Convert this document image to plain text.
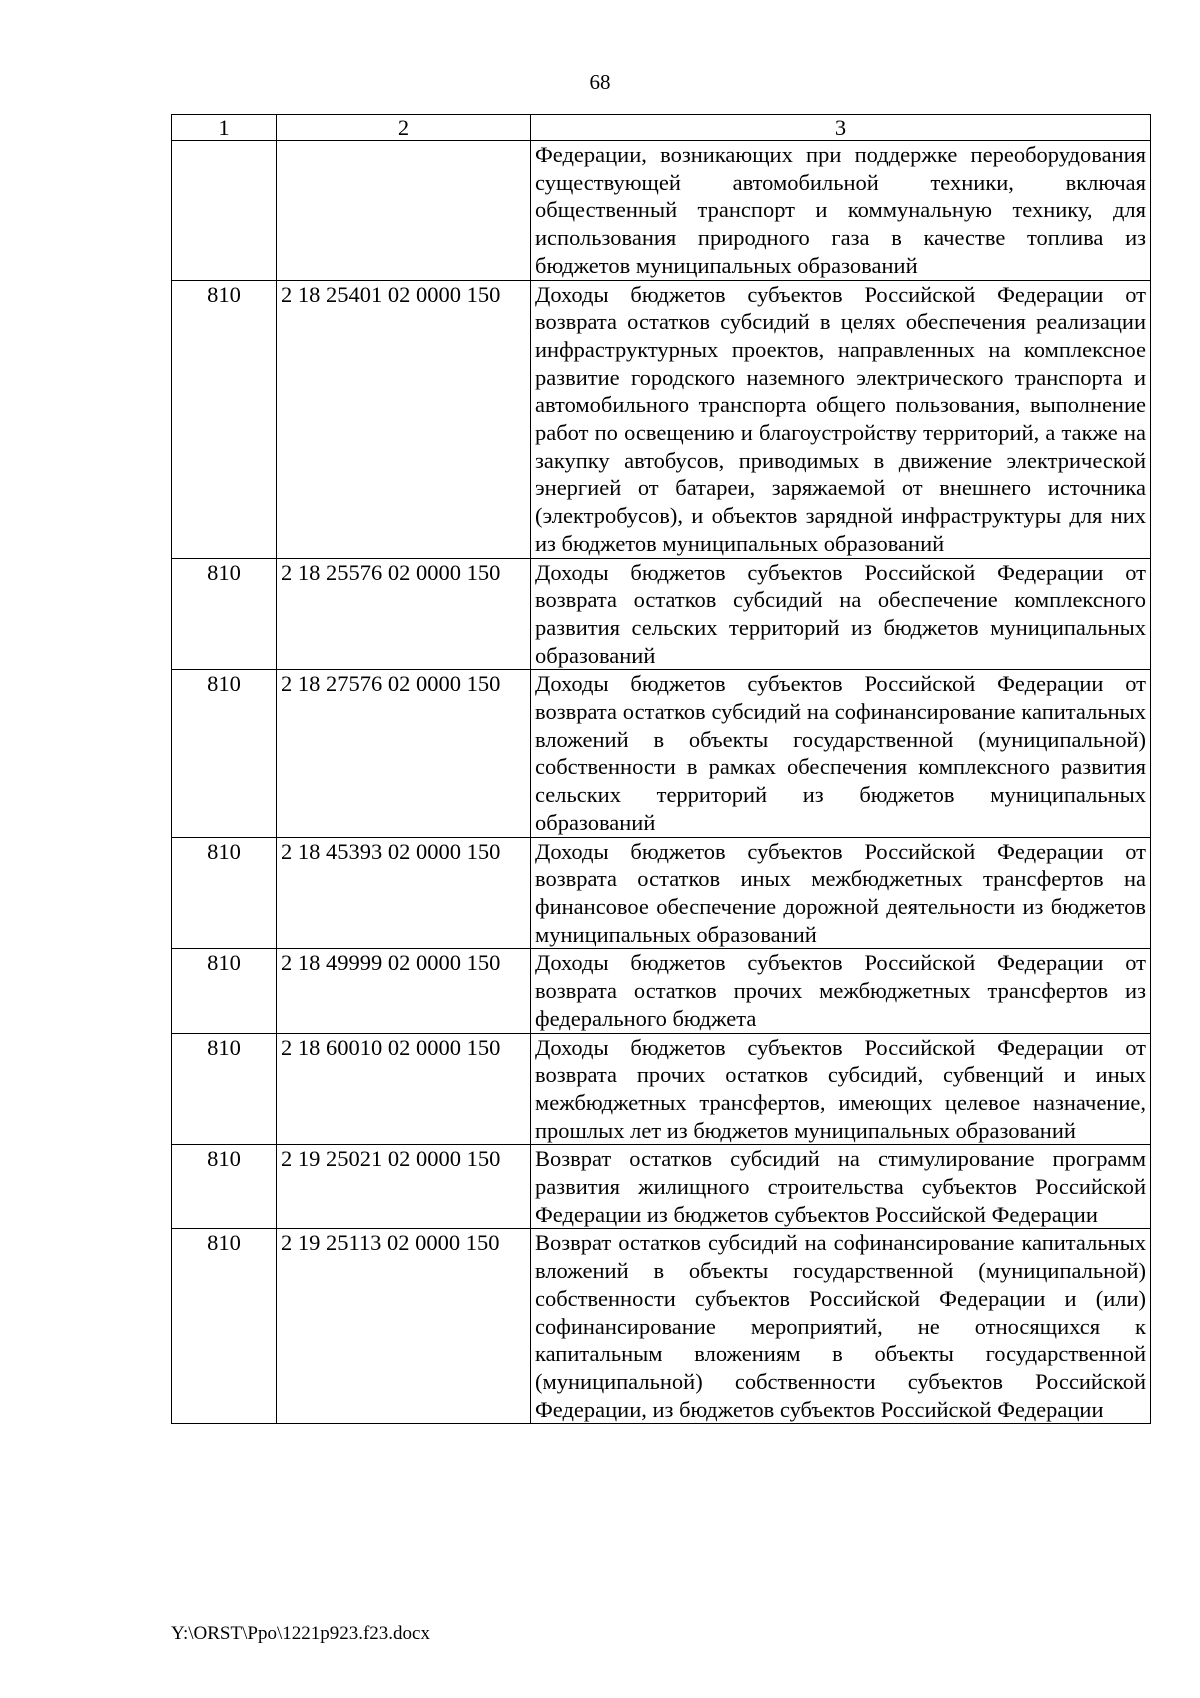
68
1	2	3
		Федерации, возникающих при поддержке переоборудования существующей автомобильной техники, включая общественный транспорт и коммунальную технику, для использования природного газа в качестве топлива из бюджетов муниципальных образований
810	2 18 25401 02 0000 150	Доходы бюджетов субъектов Российской Федерации от возврата остатков субсидий в целях обеспечения реализации инфраструктурных проектов, направленных на комплексное развитие городского наземного электрического транспорта и автомобильного транспорта общего пользования, выполнение работ по освещению и благоустройству территорий, а также на закупку автобусов, приводимых в движение электрической энергией от батареи, заряжаемой от внешнего источника (электробусов), и объектов зарядной инфраструктуры для них из бюджетов муниципальных образований
810	2 18 25576 02 0000 150	Доходы бюджетов субъектов Российской Федерации от возврата остатков субсидий на обеспечение комплексного развития сельских территорий из бюджетов муниципальных образований
810	2 18 27576 02 0000 150	Доходы бюджетов субъектов Российской Федерации от возврата остатков субсидий на софинансирование капитальных вложений в объекты государственной (муниципальной) собственности в рамках обеспечения комплексного развития сельских территорий из бюджетов муниципальных образований
810	2 18 45393 02 0000 150	Доходы бюджетов субъектов Российской Федерации от возврата остатков иных межбюджетных трансфертов на финансовое обеспечение дорожной деятельности из бюджетов муниципальных образований
810	2 18 49999 02 0000 150	Доходы бюджетов субъектов Российской Федерации от возврата остатков прочих межбюджетных трансфертов из федерального бюджета
810	2 18 60010 02 0000 150	Доходы бюджетов субъектов Российской Федерации от возврата прочих остатков субсидий, субвенций и иных межбюджетных трансфертов, имеющих целевое назначение, прошлых лет из бюджетов муниципальных образований
810	2 19 25021 02 0000 150	Возврат остатков субсидий на стимулирование программ развития жилищного строительства субъектов Российской Федерации из бюджетов субъектов Российской Федерации
810	2 19 25113 02 0000 150	Возврат остатков субсидий на софинансирование капитальных вложений в объекты государственной (муниципальной) собственности субъектов Российской Федерации и (или) софинансирование мероприятий, не относящихся к капитальным вложениям в объекты государственной (муниципальной) собственности субъектов Российской Федерации, из бюджетов субъектов Российской Федерации
Y:\ORST\Ppo\1221p923.f23.docx
